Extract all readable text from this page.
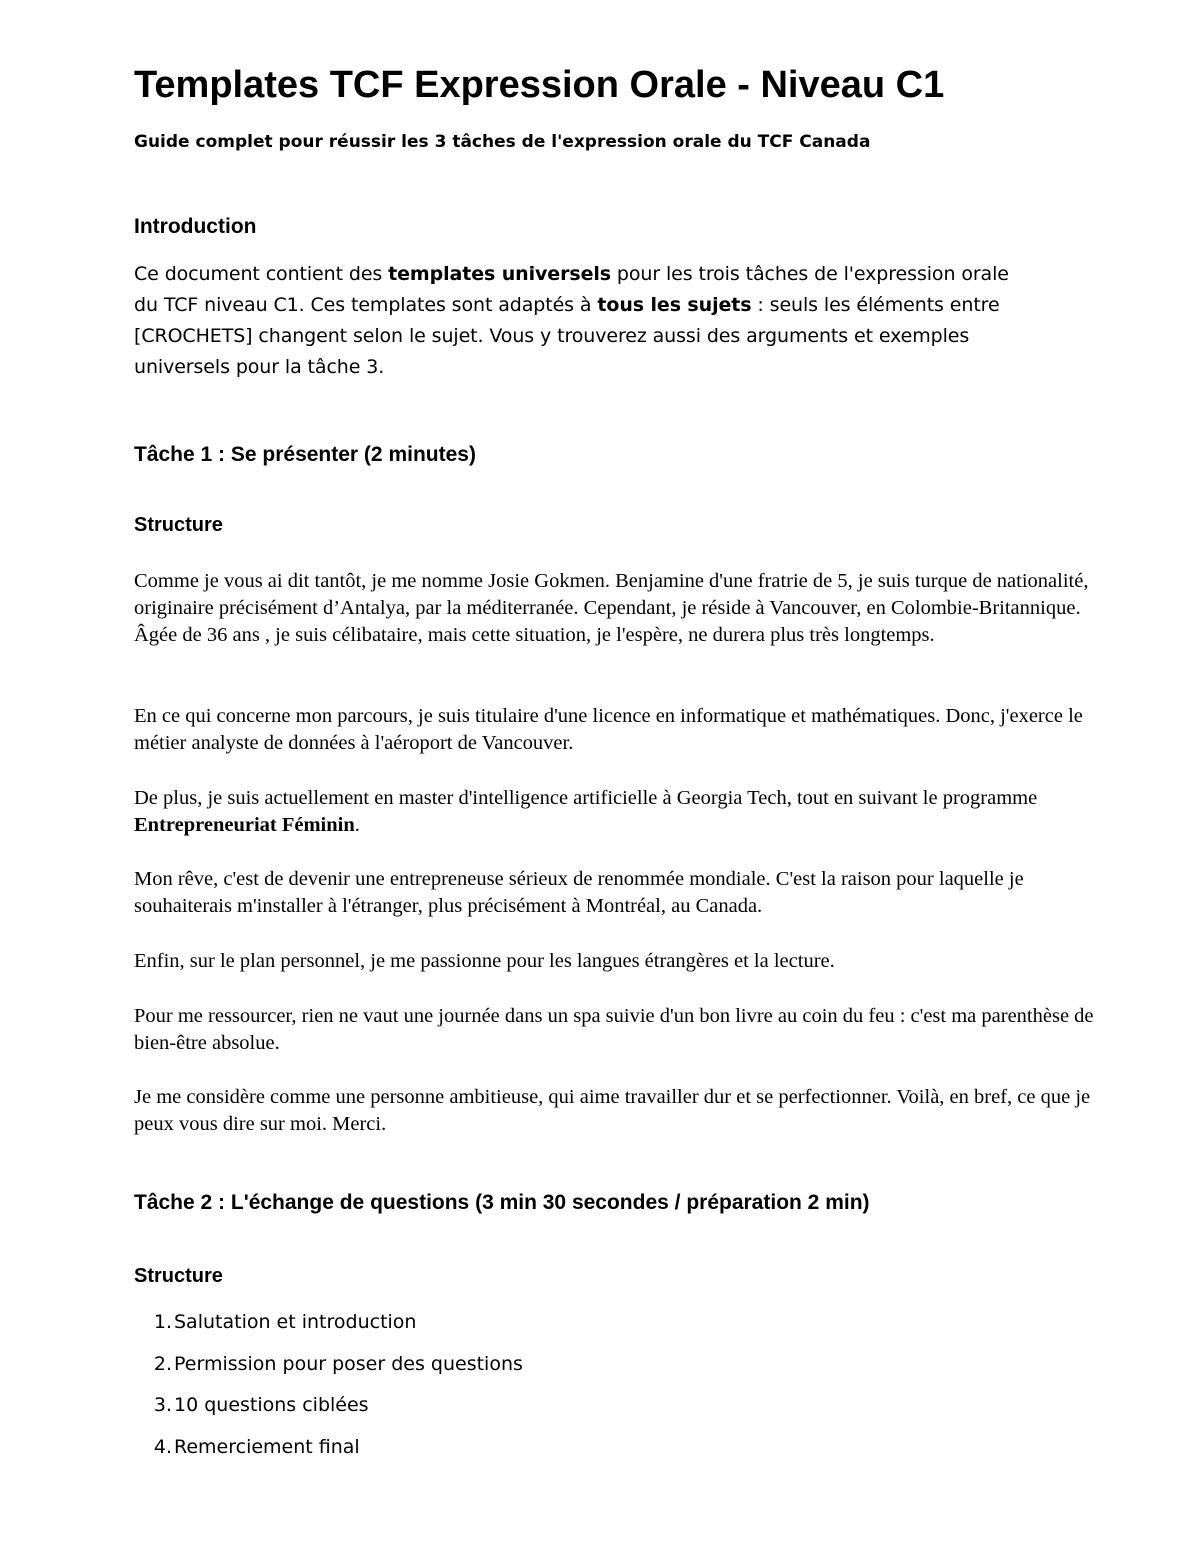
Templates TCF Expression Orale - Niveau C1

Guide complet pour réussir les 3 tâches de l'expression orale du TCF Canada

Introduction

Ce document contient des templates universels pour les trois tâches de l'expression orale du TCF niveau C1. Ces templates sont adaptés à tous les sujets : seuls les éléments entre [CROCHETS] changent selon le sujet. Vous y trouverez aussi des arguments et exemples universels pour la tâche 3.

Tâche 1 : Se présenter (2 minutes)
Structure

Comme je vous ai dit tantôt, je me nomme Josie Gokmen. Benjamine d'une fratrie de 5, je suis turque de nationalité, originaire précisément d’Antalya, par la méditerranée. Cependant, je réside à Vancouver, en Colombie-Britannique. Âgée de 36 ans , je suis célibataire, mais cette situation, je l'espère, ne durera plus très longtemps.

En ce qui concerne mon parcours, je suis titulaire d'une licence en informatique et mathématiques. Donc, j'exerce le métier analyste de données à l'aéroport de Vancouver.

De plus, je suis actuellement en master d'intelligence artificielle à Georgia Tech, tout en suivant le programme Entrepreneuriat Féminin.

Mon rêve, c'est de devenir une entrepreneuse sérieux de renommée mondiale. C'est la raison pour laquelle je souhaiterais m'installer à l'étranger, plus précisément à Montréal, au Canada.

Enfin, sur le plan personnel, je me passionne pour les langues étrangères et la lecture.

Pour me ressourcer, rien ne vaut une journée dans un spa suivie d'un bon livre au coin du feu : c'est ma parenthèse de bien-être absolue.

Je me considère comme une personne ambitieuse, qui aime travailler dur et se perfectionner. Voilà, en bref, ce que je peux vous dire sur moi. Merci.

Tâche 2 : L'échange de questions (3 min 30 secondes / préparation 2 min)
Structure
1. Salutation et introduction
2. Permission pour poser des questions
3. 10 questions ciblées
4. Remerciement final
